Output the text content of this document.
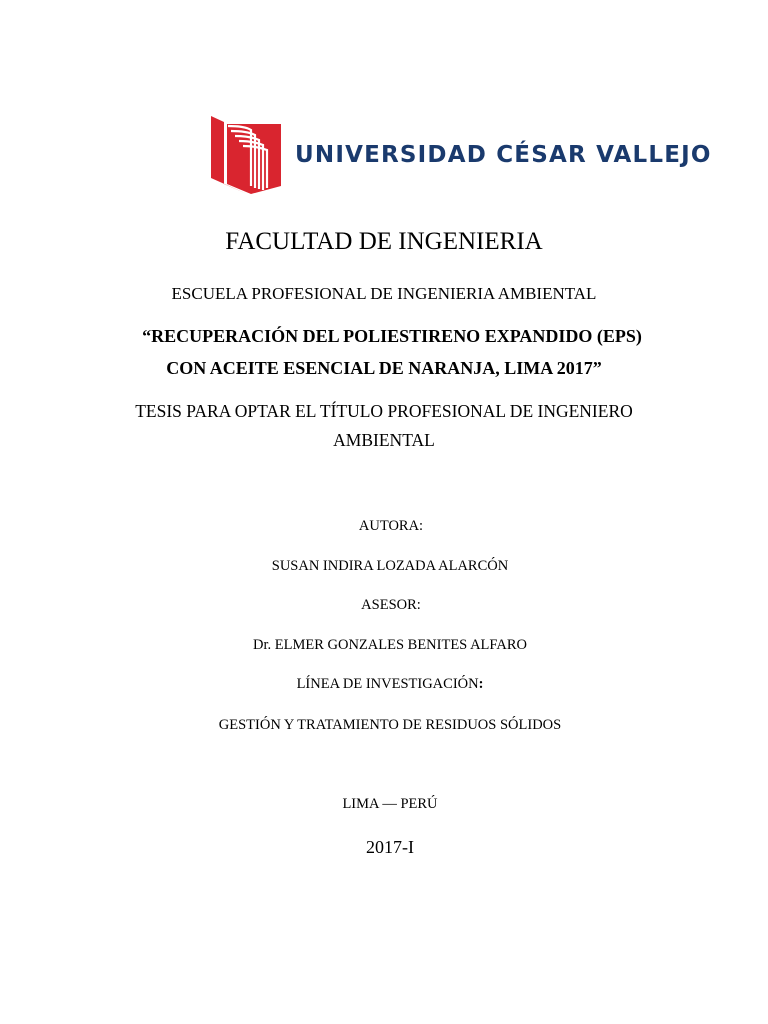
UNIVERSIDAD CÉSAR VALLEJO
FACULTAD DE INGENIERIA
ESCUELA PROFESIONAL DE INGENIERIA AMBIENTAL
“RECUPERACIÓN DEL POLIESTIRENO EXPANDIDO (EPS)
CON ACEITE ESENCIAL DE NARANJA, LIMA 2017”
TESIS PARA OPTAR EL TÍTULO PROFESIONAL DE INGENIERO
AMBIENTAL
AUTORA:
SUSAN INDIRA LOZADA ALARCÓN
ASESOR:
Dr. ELMER GONZALES BENITES ALFARO
LÍNEA DE INVESTIGACIÓN:
GESTIÓN Y TRATAMIENTO DE RESIDUOS SÓLIDOS
LIMA — PERÚ
2017-I
